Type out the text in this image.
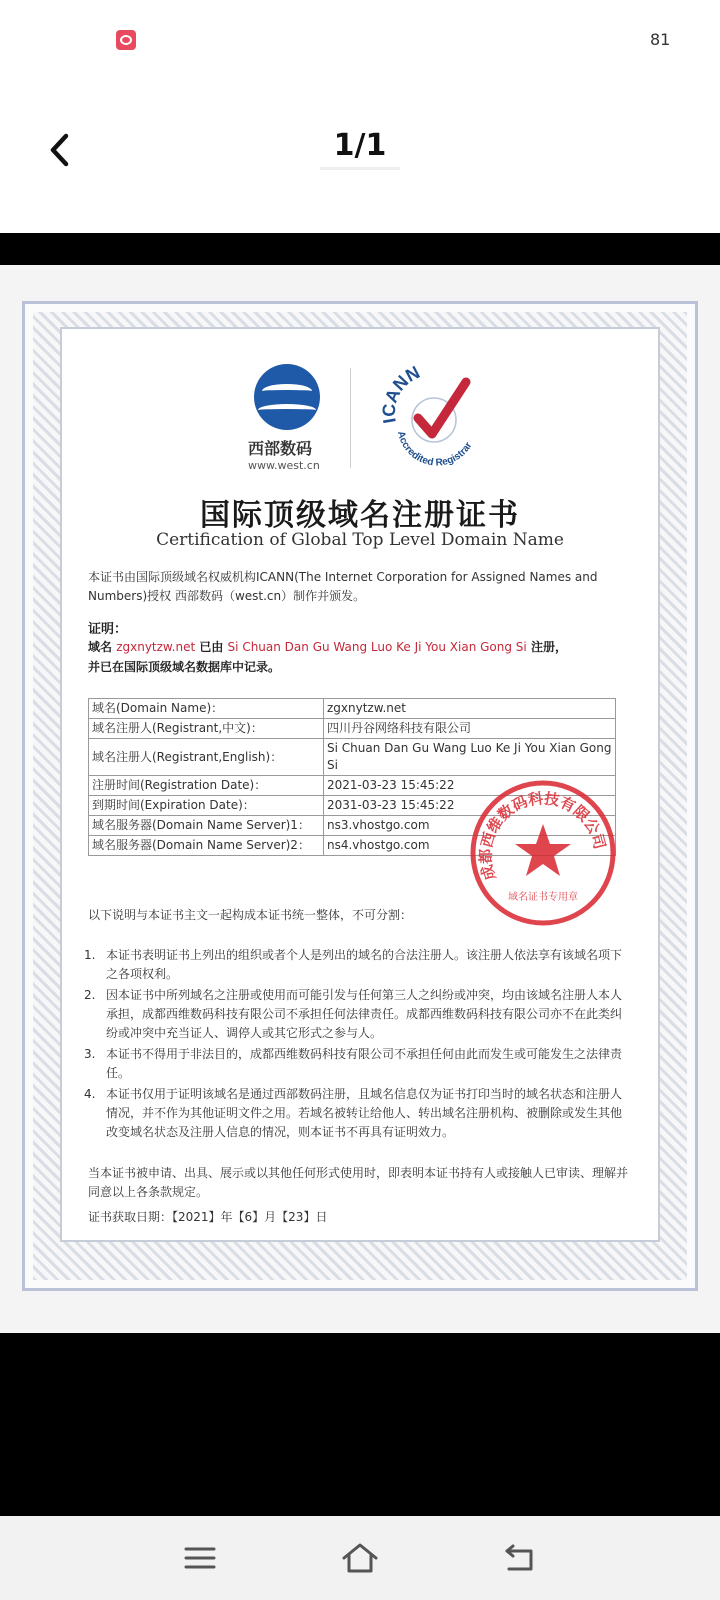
81
1/1
西部数码
www.west.cn
ICANN
Accredited Registrar
国际顶级域名注册证书
Certification of Global Top Level Domain Name
本证书由国际顶级域名权威机构ICANN(The Internet Corporation for Assigned Names and Numbers)授权 西部数码（west.cn）制作并颁发。
证明：
域名 zgxnytzw.net 已由 Si Chuan Dan Gu Wang Luo Ke Ji You Xian Gong Si 注册，
并已在国际顶级域名数据库中记录。
域名(Domain Name)：	zgxnytzw.net
域名注册人(Registrant,中文)：	四川丹谷网络科技有限公司
域名注册人(Registrant,English)：	Si Chuan Dan Gu Wang Luo Ke Ji You Xian Gong Si
注册时间(Registration Date)：	2021-03-23 15:45:22
到期时间(Expiration Date)：	2031-03-23 15:45:22
域名服务器(Domain Name Server)1：	ns3.vhostgo.com
域名服务器(Domain Name Server)2：	ns4.vhostgo.com
成都西维数码科技有限公司
域名证书专用章
以下说明与本证书主文一起构成本证书统一整体，不可分割：
1. 本证书表明证书上列出的组织或者个人是列出的域名的合法注册人。该注册人依法享有该域名项下之各项权利。
2. 因本证书中所列域名之注册或使用而可能引发与任何第三人之纠纷或冲突，均由该域名注册人本人承担，成都西维数码科技有限公司不承担任何法律责任。成都西维数码科技有限公司亦不在此类纠纷或冲突中充当证人、调停人或其它形式之参与人。
3. 本证书不得用于非法目的，成都西维数码科技有限公司不承担任何由此而发生或可能发生之法律责任。
4. 本证书仅用于证明该域名是通过西部数码注册，且域名信息仅为证书打印当时的域名状态和注册人情况，并不作为其他证明文件之用。若域名被转让给他人、转出域名注册机构、被删除或发生其他改变域名状态及注册人信息的情况，则本证书不再具有证明效力。
当本证书被申请、出具、展示或以其他任何形式使用时，即表明本证书持有人或接触人已审读、理解并同意以上各条款规定。
证书获取日期：【2021】年【6】月【23】日
